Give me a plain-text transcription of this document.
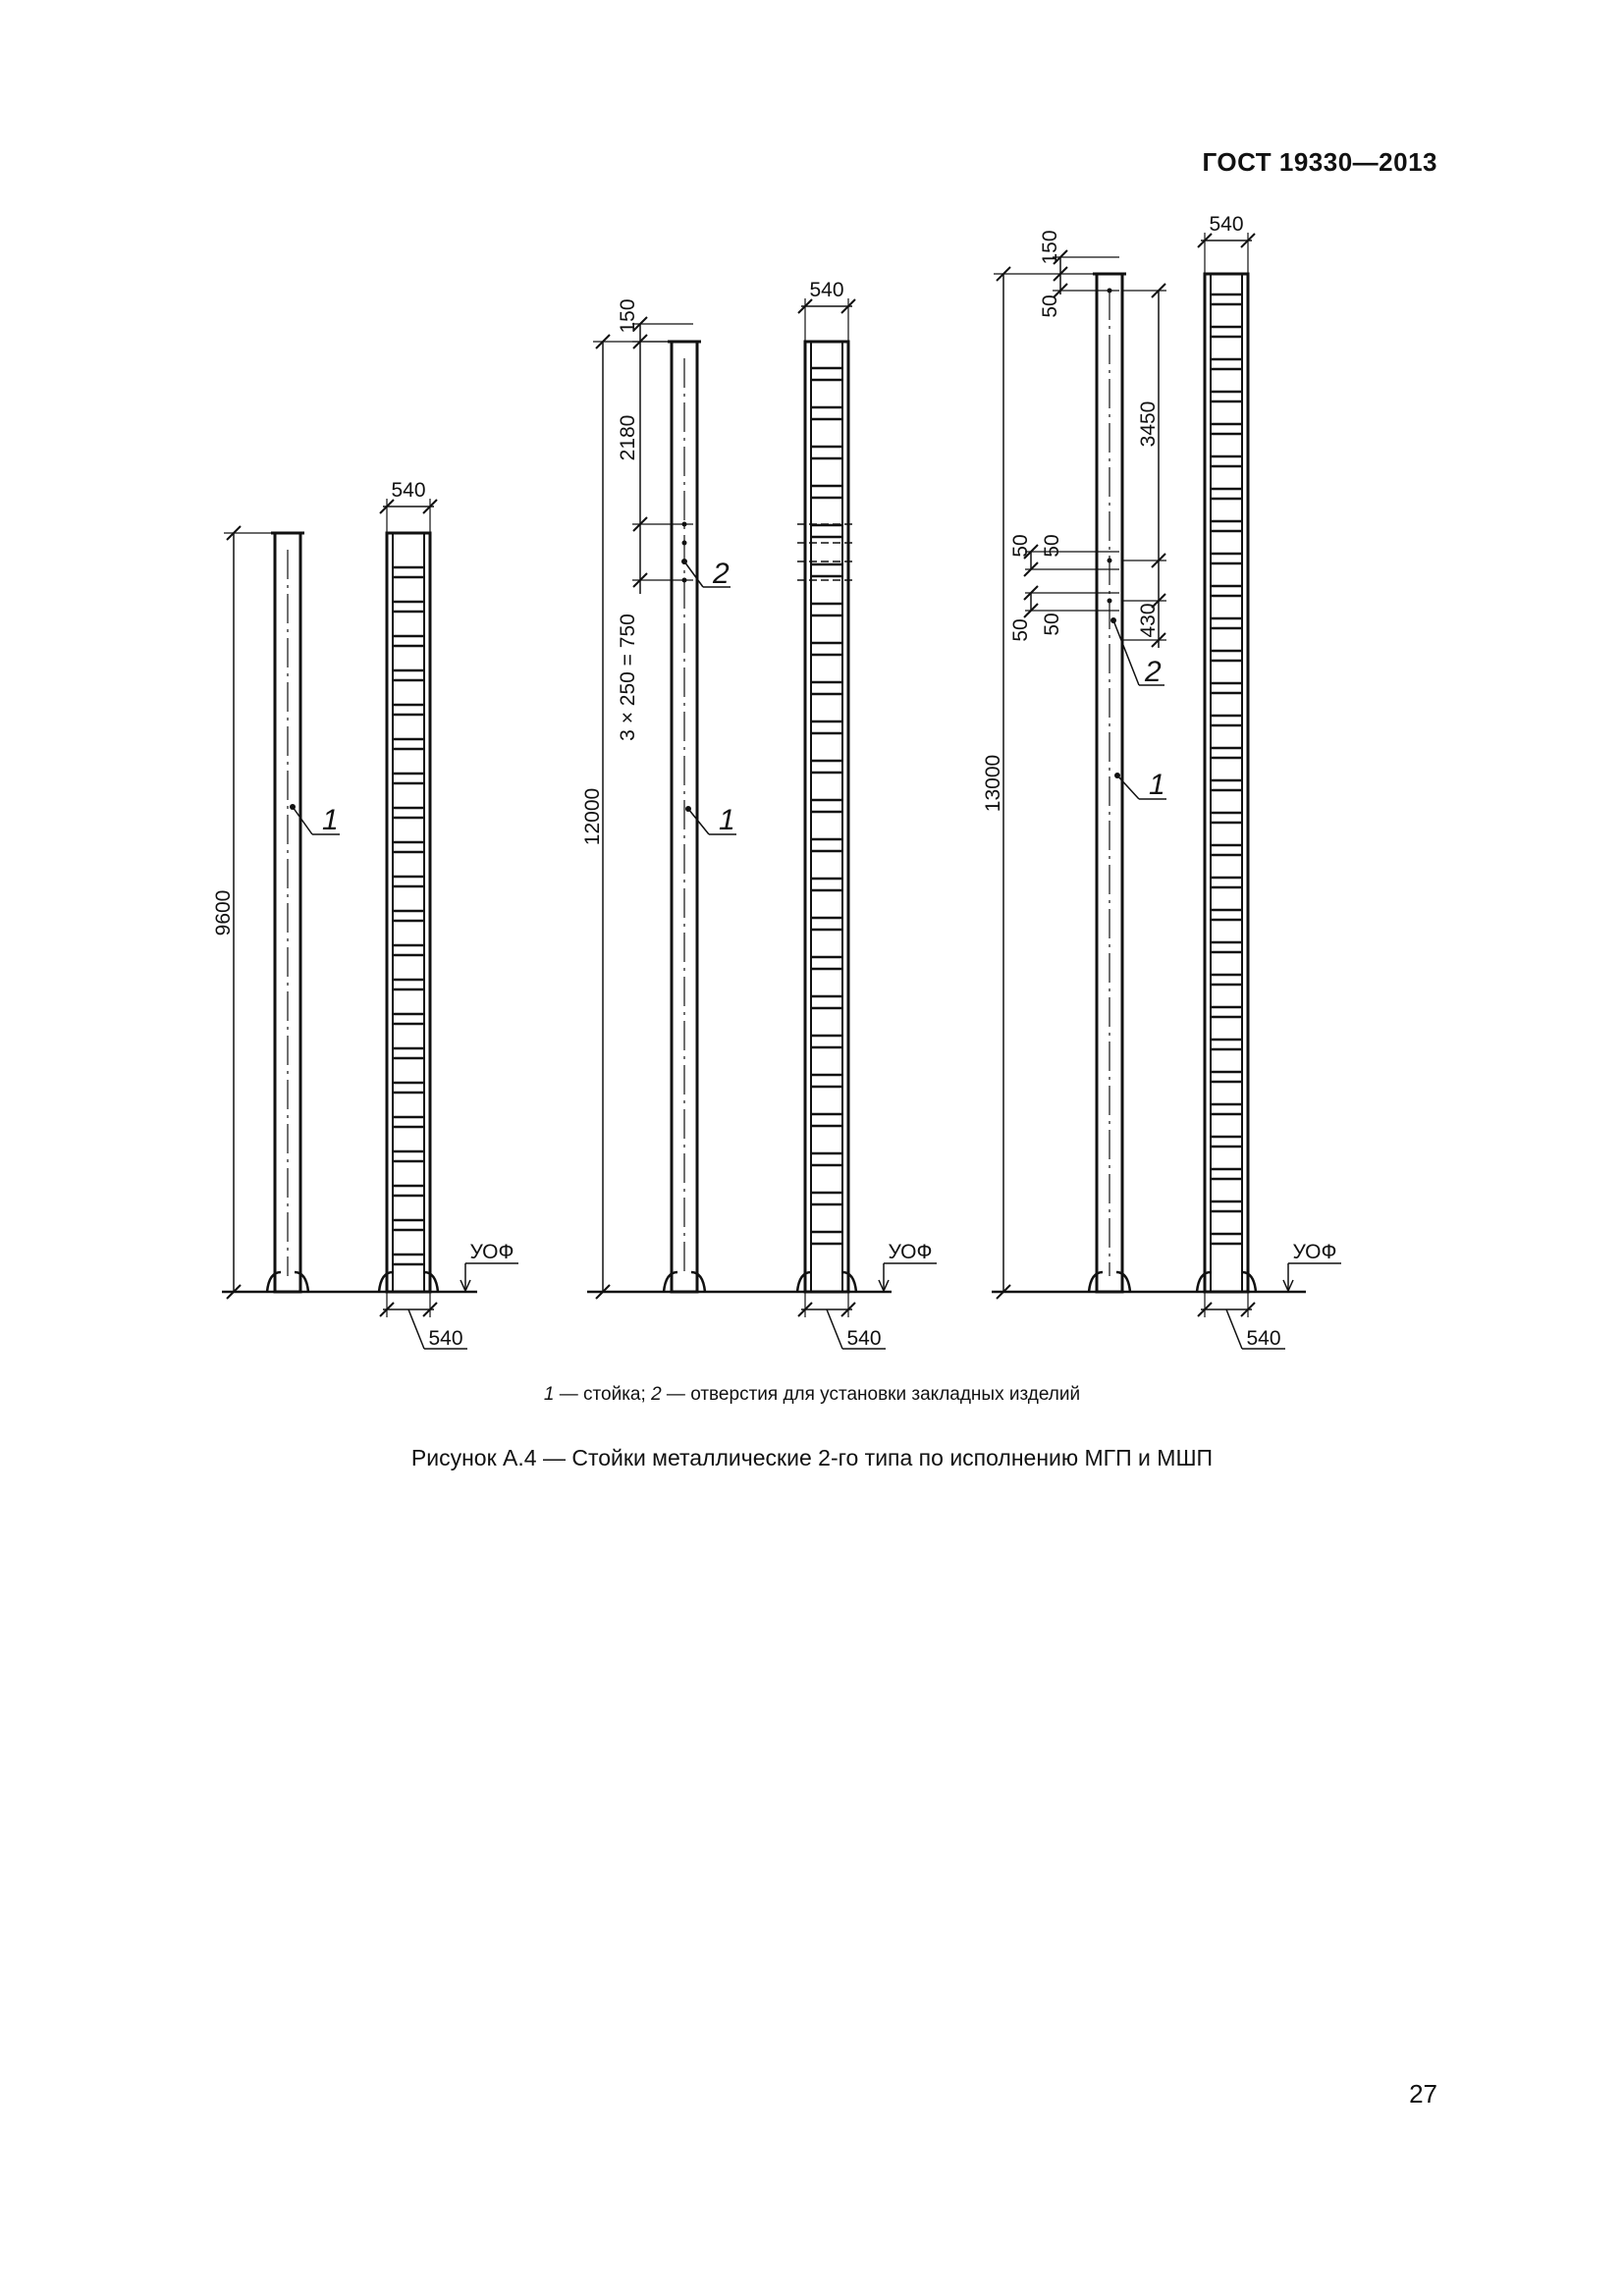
ГОСТ 19330—2013
9600
1
540
540
УОФ
12000
150
2180
3 × 250 = 750
2
1
540
540
УОФ
13000
150
50
50 50
50 50
3450
430
2
1
540
540
УОФ
1 — стойка; 2 — отверстия для установки закладных изделий
Рисунок А.4 — Стойки металлические 2-го типа по исполнению МГП и МШП
27
